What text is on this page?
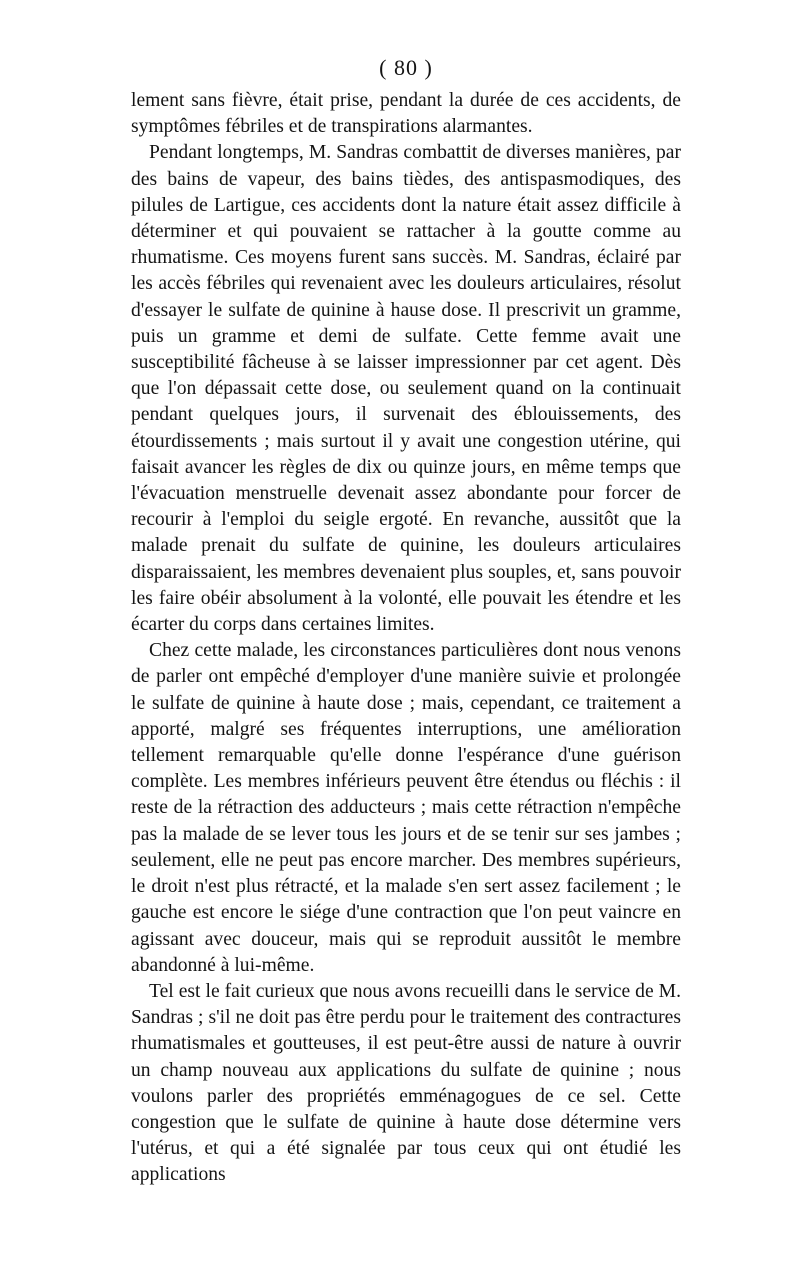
( 80 )

lement sans fièvre, était prise, pendant la durée de ces accidents, de symptômes fébriles et de transpirations alarmantes.

Pendant longtemps, M. Sandras combattit de diverses manières, par des bains de vapeur, des bains tièdes, des antispasmodiques, des pilules de Lartigue, ces accidents dont la nature était assez difficile à déterminer et qui pouvaient se rattacher à la goutte comme au rhumatisme. Ces moyens furent sans succès. M. Sandras, éclairé par les accès fébriles qui revenaient avec les douleurs articulaires, résolut d'essayer le sulfate de quinine à hause dose. Il prescrivit un gramme, puis un gramme et demi de sulfate. Cette femme avait une susceptibilité fâcheuse à se laisser impressionner par cet agent. Dès que l'on dépassait cette dose, ou seulement quand on la continuait pendant quelques jours, il survenait des éblouissements, des étourdissements ; mais surtout il y avait une congestion utérine, qui faisait avancer les règles de dix ou quinze jours, en même temps que l'évacuation menstruelle devenait assez abondante pour forcer de recourir à l'emploi du seigle ergoté. En revanche, aussitôt que la malade prenait du sulfate de quinine, les douleurs articulaires disparaissaient, les membres devenaient plus souples, et, sans pouvoir les faire obéir absolument à la volonté, elle pouvait les étendre et les écarter du corps dans certaines limites.

Chez cette malade, les circonstances particulières dont nous venons de parler ont empêché d'employer d'une manière suivie et prolongée le sulfate de quinine à haute dose ; mais, cependant, ce traitement a apporté, malgré ses fréquentes interruptions, une amélioration tellement remarquable qu'elle donne l'espérance d'une guérison complète. Les membres inférieurs peuvent être étendus ou fléchis : il reste de la rétraction des adducteurs ; mais cette rétraction n'empêche pas la malade de se lever tous les jours et de se tenir sur ses jambes ; seulement, elle ne peut pas encore marcher. Des membres supérieurs, le droit n'est plus rétracté, et la malade s'en sert assez facilement ; le gauche est encore le siége d'une contraction que l'on peut vaincre en agissant avec douceur, mais qui se reproduit aussitôt le membre abandonné à lui-même.

Tel est le fait curieux que nous avons recueilli dans le service de M. Sandras ; s'il ne doit pas être perdu pour le traitement des contractures rhumatismales et goutteuses, il est peut-être aussi de nature à ouvrir un champ nouveau aux applications du sulfate de quinine ; nous voulons parler des propriétés emménagogues de ce sel. Cette congestion que le sulfate de quinine à haute dose détermine vers l'utérus, et qui a été signalée par tous ceux qui ont étudié les applications
